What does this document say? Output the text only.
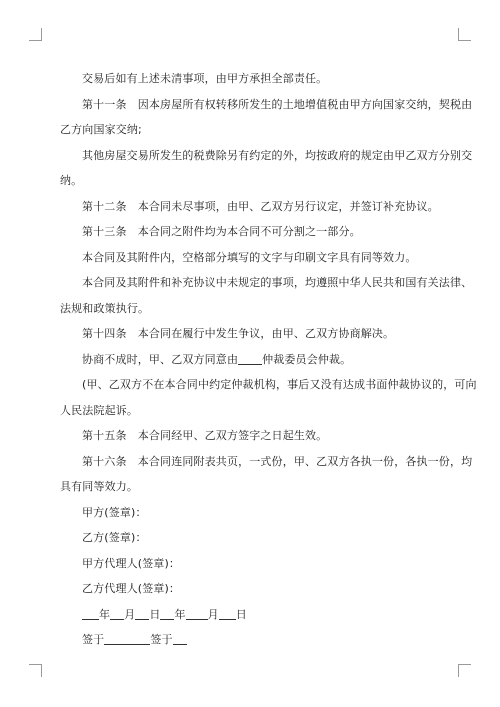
交易后如有上述未清事项，由甲方承担全部责任。
第十一条　因本房屋所有权转移所发生的土地增值税由甲方向国家交纳，契税由
乙方向国家交纳;
其他房屋交易所发生的税费除另有约定的外，均按政府的规定由甲乙双方分别交
纳。
第十二条　本合同未尽事项，由甲、乙双方另行议定，并签订补充协议。
第十三条　本合同之附件均为本合同不可分割之一部分。
本合同及其附件内，空格部分填写的文字与印刷文字具有同等效力。
本合同及其附件和补充协议中未规定的事项，均遵照中华人民共和国有关法律、
法规和政策执行。
第十四条　本合同在履行中发生争议，由甲、乙双方协商解决。
协商不成时，甲、乙双方同意由 仲裁委员会仲裁。
(甲、乙双方不在本合同中约定仲裁机构，事后又没有达成书面仲裁协议的，可向
人民法院起诉。
第十五条　本合同经甲、乙双方签字之日起生效。
第十六条　本合同连同附表共页，一式份，甲、乙双方各执一份，各执一份，均
具有同等效力。
甲方(签章)：
乙方(签章)：
甲方代理人(签章)：
乙方代理人(签章)：
年 月 日 年 月 日
签于	签于
